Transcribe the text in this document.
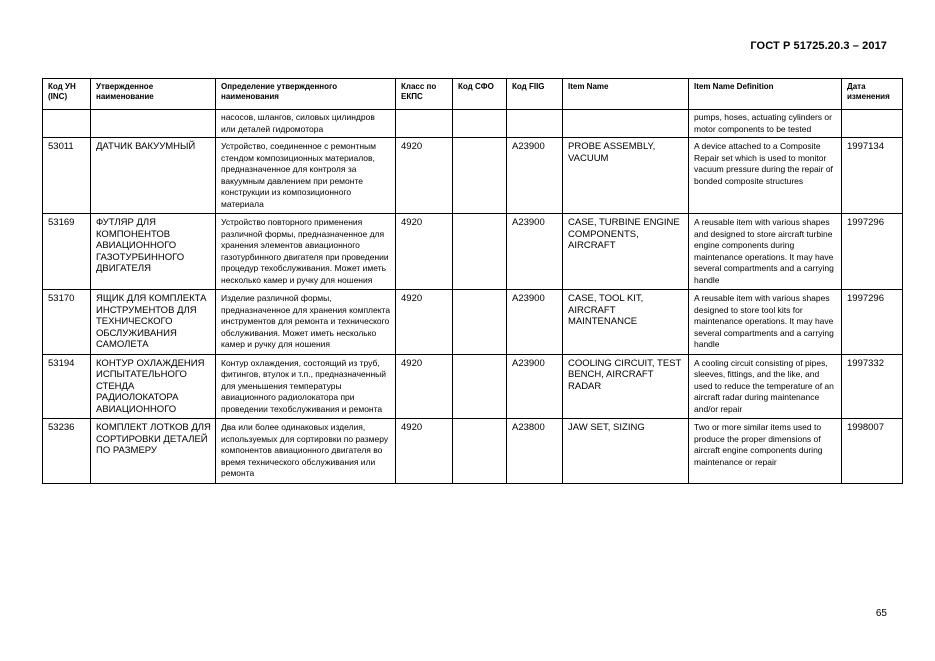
ГОСТ Р 51725.20.3 – 2017
Код УН (INC)	Утвержденное наименование	Определение утвержденного наименования	Класс по ЕКПС	Код СФО	Код FIIG	Item Name	Item Name Definition	Дата изменения
		насосов, шлангов, силовых цилиндров или деталей гидромотора					pumps, hoses, actuating cylinders or motor components to be tested	
53011	ДАТЧИК ВАКУУМНЫЙ	Устройство, соединенное с ремонтным стендом композиционных материалов, предназначенное для контроля за вакуумным давлением при ремонте конструкции из композиционного материала	4920		A23900	PROBE ASSEMBLY, VACUUM	A device attached to a Composite Repair set which is used to monitor vacuum pressure during the repair of bonded composite structures	1997134
53169	ФУТЛЯР ДЛЯ КОМПОНЕНТОВ АВИАЦИОННОГО ГАЗОТУРБИННОГО ДВИГАТЕЛЯ	Устройство повторного применения различной формы, предназначенное для хранения элементов авиационного газотурбинного двигателя при проведении процедур техобслуживания. Может иметь несколько камер и ручку для ношения	4920		A23900	CASE, TURBINE ENGINE COMPONENTS, AIRCRAFT	A reusable item with various shapes and designed to store aircraft turbine engine components during maintenance operations. It may have several compartments and a carrying handle	1997296
53170	ЯЩИК ДЛЯ КОМПЛЕКТА ИНСТРУМЕНТОВ ДЛЯ ТЕХНИЧЕСКОГО ОБСЛУЖИВАНИЯ САМОЛЕТА	Изделие различной формы, предназначенное для хранения комплекта инструментов для ремонта и технического обслуживания. Может иметь несколько камер и ручку для ношения	4920		A23900	CASE, TOOL KIT, AIRCRAFT MAINTENANCE	A reusable item with various shapes designed to store tool kits for maintenance operations. It may have several compartments and a carrying handle	1997296
53194	КОНТУР ОХЛАЖДЕНИЯ ИСПЫТАТЕЛЬНОГО СТЕНДА РАДИОЛОКАТОРА АВИАЦИОННОГО	Контур охлаждения, состоящий из труб, фитингов, втулок и т.п., предназначенный для уменьшения температуры авиационного радиолокатора при проведении техобслуживания и ремонта	4920		A23900	COOLING CIRCUIT, TEST BENCH, AIRCRAFT RADAR	A cooling circuit consisting of pipes, sleeves, fittings, and the like, and used to reduce the temperature of an aircraft radar during maintenance and/or repair	1997332
53236	КОМПЛЕКТ ЛОТКОВ ДЛЯ СОРТИРОВКИ ДЕТАЛЕЙ ПО РАЗМЕРУ	Два или более одинаковых изделия, используемых для сортировки по размеру компонентов авиационного двигателя во время технического обслуживания или ремонта	4920		A23800	JAW SET, SIZING	Two or more similar items used to produce the proper dimensions of aircraft engine components during maintenance or repair	1998007
65
